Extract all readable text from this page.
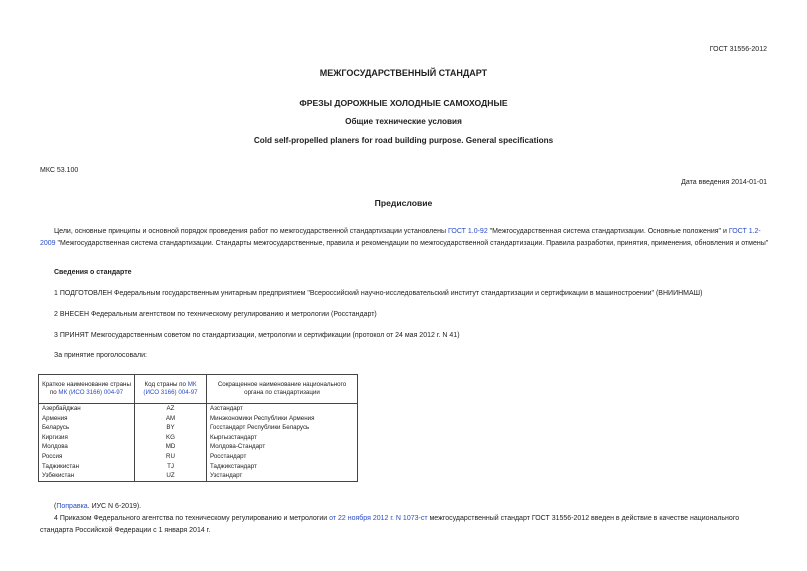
ГОСТ 31556-2012
МЕЖГОСУДАРСТВЕННЫЙ СТАНДАРТ
ФРЕЗЫ ДОРОЖНЫЕ ХОЛОДНЫЕ САМОХОДНЫЕ
Общие технические условия
Cold self-propelled planers for road building purpose. General specifications
МКС 53.100
Дата введения 2014-01-01
Предисловие
Цели, основные принципы и основной порядок проведения работ по межгосударственной стандартизации установлены ГОСТ 1.0-92 "Межгосударственная система стандартизации. Основные положения" и ГОСТ 1.2-2009 "Межгосударственная система стандартизации. Стандарты межгосударственные, правила и рекомендации по межгосударственной стандартизации. Правила разработки, принятия, применения, обновления и отмены"
Сведения о стандарте
1 ПОДГОТОВЛЕН Федеральным государственным унитарным предприятием "Всероссийский научно-исследовательский институт стандартизации и сертификации в машиностроении" (ВНИИНМАШ)
2 ВНЕСЕН Федеральным агентством по техническому регулированию и метрологии (Росстандарт)
3 ПРИНЯТ Межгосударственным советом по стандартизации, метрологии и сертификации (протокол от 24 мая 2012 г. N 41)
За принятие проголосовали:
Краткое наименование страны по МК (ИСО 3166) 004-97	Код страны по МК (ИСО 3166) 004-97	Сокращенное наименование национального органа по стандартизации
Азербайджан	AZ	Азстандарт
Армения	AM	Минэкономики Республики Армения
Беларусь	BY	Госстандарт Республики Беларусь
Киргизия	KG	Кыргызстандарт
Молдова	MD	Молдова-Стандарт
Россия	RU	Росстандарт
Таджикистан	TJ	Таджикстандарт
Узбекистан	UZ	Узстандарт
(Поправка. ИУС N 6-2019).
4 Приказом Федерального агентства по техническому регулированию и метрологии от 22 ноября 2012 г. N 1073-ст межгосударственный стандарт ГОСТ 31556-2012 введен в действие в качестве национального стандарта Российской Федерации с 1 января 2014 г.
